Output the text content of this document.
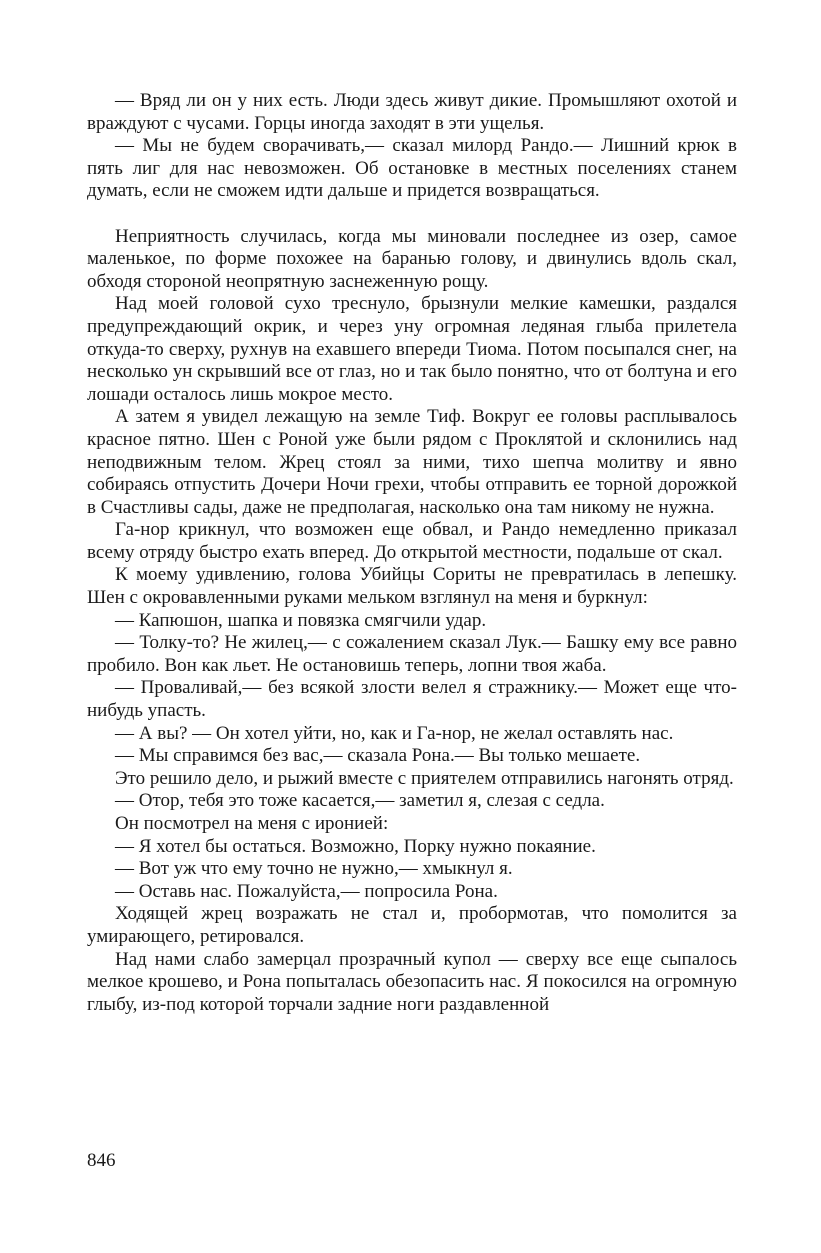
— Вряд ли он у них есть. Люди здесь живут дикие. Промышляют охотой и враждуют с чусами. Горцы иногда заходят в эти ущелья.

— Мы не будем сворачивать,— сказал милорд Рандо.— Лишний крюк в пять лиг для нас невозможен. Об остановке в местных поселениях станем думать, если не сможем идти дальше и придется возвращаться.

Неприятность случилась, когда мы миновали последнее из озер, самое маленькое, по форме похожее на баранью голову, и двинулись вдоль скал, обходя стороной неопрятную заснеженную рощу.

Над моей головой сухо треснуло, брызнули мелкие камешки, раздался предупреждающий окрик, и через уну огромная ледяная глыба прилетела откуда-то сверху, рухнув на ехавшего впереди Тиома. Потом посыпался снег, на несколько ун скрывший все от глаз, но и так было понятно, что от болтуна и его лошади осталось лишь мокрое место.

А затем я увидел лежащую на земле Тиф. Вокруг ее головы расплывалось красное пятно. Шен с Роной уже были рядом с Проклятой и склонились над неподвижным телом. Жрец стоял за ними, тихо шепча молитву и явно собираясь отпустить Дочери Ночи грехи, чтобы отправить ее торной дорожкой в Счастливы сады, даже не предполагая, насколько она там никому не нужна.

Га-нор крикнул, что возможен еще обвал, и Рандо немедленно приказал всему отряду быстро ехать вперед. До открытой местности, подальше от скал.

К моему удивлению, голова Убийцы Сориты не превратилась в лепешку. Шен с окровавленными руками мельком взглянул на меня и буркнул:

— Капюшон, шапка и повязка смягчили удар.

— Толку-то? Не жилец,— с сожалением сказал Лук.— Башку ему все равно пробило. Вон как льет. Не остановишь теперь, лопни твоя жаба.

— Проваливай,— без всякой злости велел я стражнику.— Может еще что-нибудь упасть.

— А вы? — Он хотел уйти, но, как и Га-нор, не желал оставлять нас.

— Мы справимся без вас,— сказала Рона.— Вы только мешаете.

Это решило дело, и рыжий вместе с приятелем отправились нагонять отряд.

— Отор, тебя это тоже касается,— заметил я, слезая с седла.

Он посмотрел на меня с иронией:

— Я хотел бы остаться. Возможно, Порку нужно покаяние.

— Вот уж что ему точно не нужно,— хмыкнул я.

— Оставь нас. Пожалуйста,— попросила Рона.

Ходящей жрец возражать не стал и, пробормотав, что помолится за умирающего, ретировался.

Над нами слабо замерцал прозрачный купол — сверху все еще сыпалось мелкое крошево, и Рона попыталась обезопасить нас. Я покосился на огромную глыбу, из-под которой торчали задние ноги раздавленной

846
